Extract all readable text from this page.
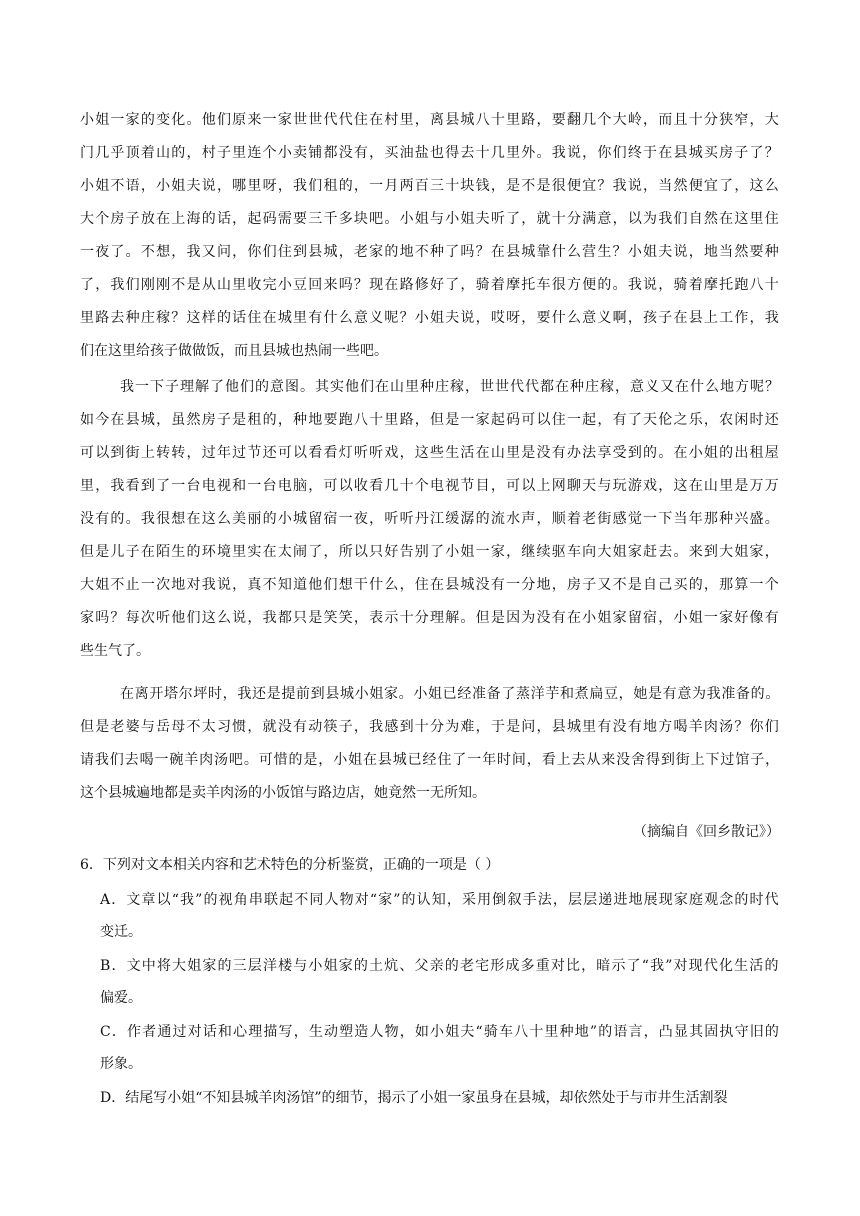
小姐一家的变化。他们原来一家世世代代住在村里，离县城八十里路，要翻几个大岭，而且十分狭窄，大
门几乎顶着山的，村子里连个小卖铺都没有，买油盐也得去十几里外。我说，你们终于在县城买房子了？
小姐不语，小姐夫说，哪里呀，我们租的，一月两百三十块钱，是不是很便宜？我说，当然便宜了，这么
大个房子放在上海的话，起码需要三千多块吧。小姐与小姐夫听了，就十分满意，以为我们自然在这里住
一夜了。不想，我又问，你们住到县城，老家的地不种了吗？在县城靠什么营生？小姐夫说，地当然要种
了，我们刚刚不是从山里收完小豆回来吗？现在路修好了，骑着摩托车很方便的。我说，骑着摩托跑八十
里路去种庄稼？这样的话住在城里有什么意义呢？小姐夫说，哎呀，要什么意义啊，孩子在县上工作，我
们在这里给孩子做做饭，而且县城也热闹一些吧。
我一下子理解了他们的意图。其实他们在山里种庄稼，世世代代都在种庄稼，意义又在什么地方呢？
如今在县城，虽然房子是租的，种地要跑八十里路，但是一家起码可以住一起，有了天伦之乐，农闲时还
可以到街上转转，过年过节还可以看看灯听听戏，这些生活在山里是没有办法享受到的。在小姐的出租屋
里，我看到了一台电视和一台电脑，可以收看几十个电视节目，可以上网聊天与玩游戏，这在山里是万万
没有的。我很想在这么美丽的小城留宿一夜，听听丹江缓潺的流水声，顺着老街感觉一下当年那种兴盛。
但是儿子在陌生的环境里实在太闹了，所以只好告别了小姐一家，继续驱车向大姐家赶去。来到大姐家，
大姐不止一次地对我说，真不知道他们想干什么，住在县城没有一分地，房子又不是自己买的，那算一个
家吗？每次听他们这么说，我都只是笑笑，表示十分理解。但是因为没有在小姐家留宿，小姐一家好像有
些生气了。
在离开塔尔坪时，我还是提前到县城小姐家。小姐已经准备了蒸洋芋和煮扁豆，她是有意为我准备的。
但是老婆与岳母不太习惯，就没有动筷子，我感到十分为难，于是问，县城里有没有地方喝羊肉汤？你们
请我们去喝一碗羊肉汤吧。可惜的是，小姐在县城已经住了一年时间，看上去从来没舍得到街上下过馆子，
这个县城遍地都是卖羊肉汤的小饭馆与路边店，她竟然一无所知。
（摘编自《回乡散记》）
6．下列对文本相关内容和艺术特色的分析鉴赏，正确的一项是（ ）
A．文章以“我”的视角串联起不同人物对“家”的认知，采用倒叙手法，层层递进地展现家庭观念的时代
变迁。
B．文中将大姐家的三层洋楼与小姐家的土炕、父亲的老宅形成多重对比，暗示了“我”对现代化生活的
偏爱。
C．作者通过对话和心理描写，生动塑造人物，如小姐夫“骑车八十里种地”的语言，凸显其固执守旧的
形象。
D．结尾写小姐“不知县城羊肉汤馆”的细节，揭示了小姐一家虽身在县城，却依然处于与市井生活割裂
